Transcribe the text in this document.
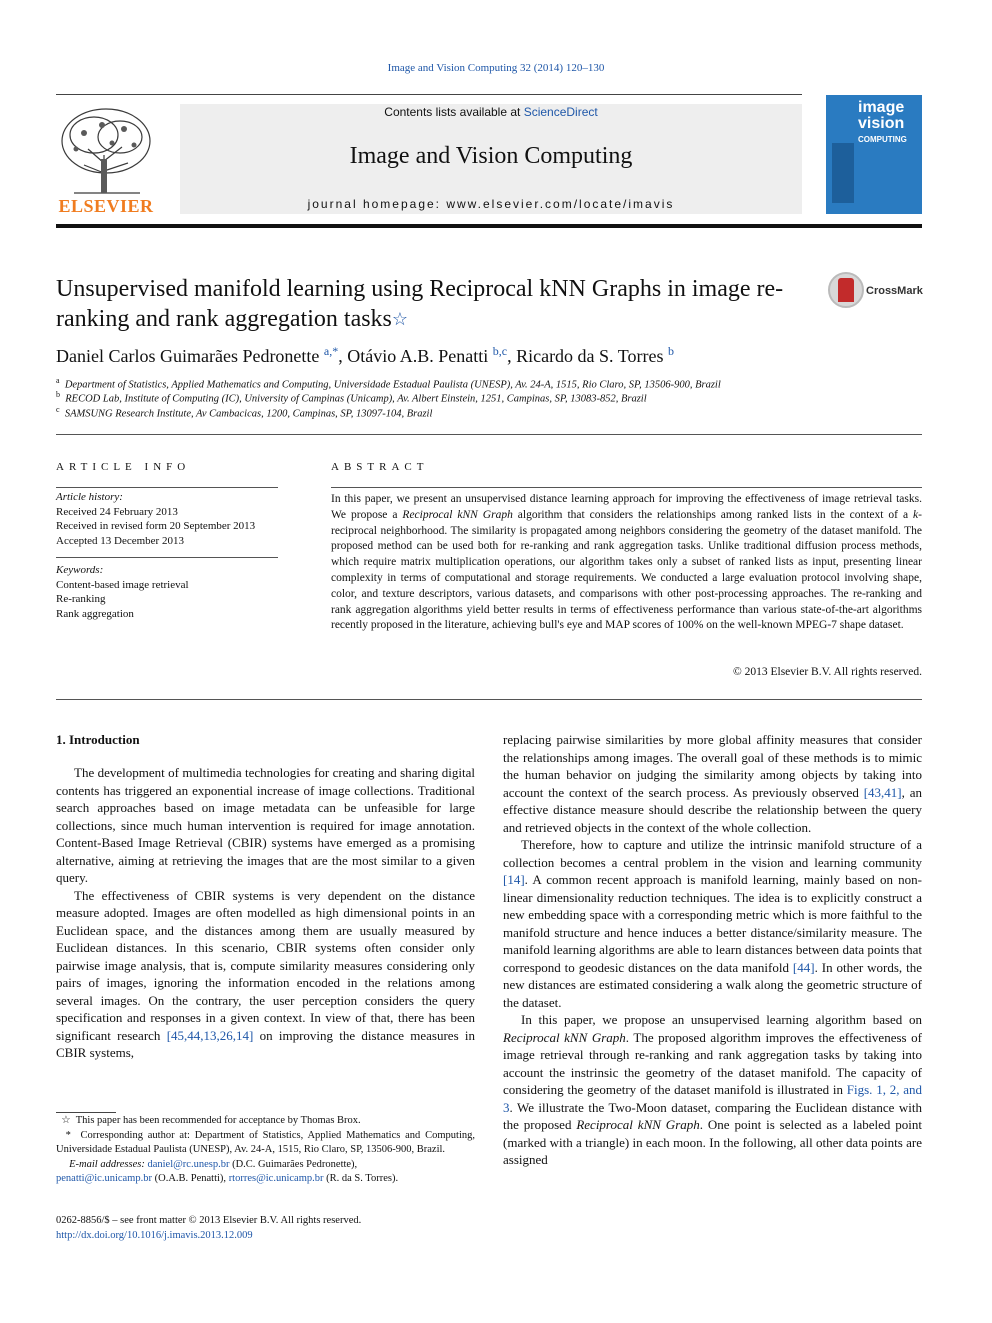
Image and Vision Computing 32 (2014) 120–130
ELSEVIER
Contents lists available at ScienceDirect
Image and Vision Computing
journal homepage: www.elsevier.com/locate/imavis
image
vision
COMPUTING
Unsupervised manifold learning using Reciprocal kNN Graphs in image re-ranking and rank aggregation tasks☆
CrossMark
Daniel Carlos Guimarães Pedronette $^{a,*}$, Otávio A.B. Penatti $^{b,c}$, Ricardo da S. Torres $^b$
$^a$ Department of Statistics, Applied Mathematics and Computing, Universidade Estadual Paulista (UNESP), Av. 24-A, 1515, Rio Claro, SP, 13506-900, Brazil
$^b$ RECOD Lab, Institute of Computing (IC), University of Campinas (Unicamp), Av. Albert Einstein, 1251, Campinas, SP, 13083-852, Brazil
$^c$ SAMSUNG Research Institute, Av Cambacicas, 1200, Campinas, SP, 13097-104, Brazil
ARTICLE INFO
Article history:
Received 24 February 2013
Received in revised form 20 September 2013
Accepted 13 December 2013
Keywords:
Content-based image retrieval
Re-ranking
Rank aggregation
ABSTRACT
In this paper, we present an unsupervised distance learning approach for improving the effectiveness of image retrieval tasks. We propose a Reciprocal kNN Graph algorithm that considers the relationships among ranked lists in the context of a k-reciprocal neighborhood. The similarity is propagated among neighbors considering the geometry of the dataset manifold. The proposed method can be used both for re-ranking and rank aggregation tasks. Unlike traditional diffusion process methods, which require matrix multiplication operations, our algorithm takes only a subset of ranked lists as input, presenting linear complexity in terms of computational and storage requirements. We conducted a large evaluation protocol involving shape, color, and texture descriptors, various datasets, and comparisons with other post-processing approaches. The re-ranking and rank aggregation algorithms yield better results in terms of effectiveness performance than various state-of-the-art algorithms recently proposed in the literature, achieving bull's eye and MAP scores of 100% on the well-known MPEG-7 shape dataset.
© 2013 Elsevier B.V. All rights reserved.
1. Introduction

The development of multimedia technologies for creating and sharing digital contents has triggered an exponential increase of image collections. Traditional search approaches based on image metadata can be unfeasible for large collections, since much human intervention is required for image annotation. Content-Based Image Retrieval (CBIR) systems have emerged as a promising alternative, aiming at retrieving the images that are the most similar to a given query.

The effectiveness of CBIR systems is very dependent on the distance measure adopted. Images are often modelled as high dimensional points in an Euclidean space, and the distances among them are usually measured by Euclidean distances. In this scenario, CBIR systems often consider only pairwise image analysis, that is, compute similarity measures considering only pairs of images, ignoring the information encoded in the relations among several images. On the contrary, the user perception considers the query specification and responses in a given context. In view of that, there has been significant research [45,44,13,26,14] on improving the distance measures in CBIR systems,

replacing pairwise similarities by more global affinity measures that consider the relationships among images. The overall goal of these methods is to mimic the human behavior on judging the similarity among objects by taking into account the context of the search process. As previously observed [43,41], an effective distance measure should describe the relationship between the query and retrieved objects in the context of the whole collection.

Therefore, how to capture and utilize the intrinsic manifold structure of a collection becomes a central problem in the vision and learning community [14]. A common recent approach is manifold learning, mainly based on non-linear dimensionality reduction techniques. The idea is to explicitly construct a new embedding space with a corresponding metric which is more faithful to the manifold structure and hence induces a better distance/similarity measure. The manifold learning algorithms are able to learn distances between data points that correspond to geodesic distances on the data manifold [44]. In other words, the new distances are estimated considering a walk along the geometric structure of the dataset.

In this paper, we propose an unsupervised learning algorithm based on Reciprocal kNN Graph. The proposed algorithm improves the effectiveness of image retrieval through re-ranking and rank aggregation tasks by taking into account the instrinsic the geometry of the dataset manifold. The capacity of considering the geometry of the dataset manifold is illustrated in Figs. 1, 2, and 3. We illustrate the Two-Moon dataset, comparing the Euclidean distance with the proposed Reciprocal kNN Graph. One point is selected as a labeled point (marked with a triangle) in each moon. In the following, all other data points are assigned

☆ This paper has been recommended for acceptance by Thomas Brox.

* Corresponding author at: Department of Statistics, Applied Mathematics and Computing, Universidade Estadual Paulista (UNESP), Av. 24-A, 1515, Rio Claro, SP, 13506-900, Brazil.

E-mail addresses: daniel@rc.unesp.br (D.C. Guimarães Pedronette),
penatti@ic.unicamp.br (O.A.B. Penatti), rtorres@ic.unicamp.br (R. da S. Torres).

0262-8856/$ – see front matter © 2013 Elsevier B.V. All rights reserved.
http://dx.doi.org/10.1016/j.imavis.2013.12.009
